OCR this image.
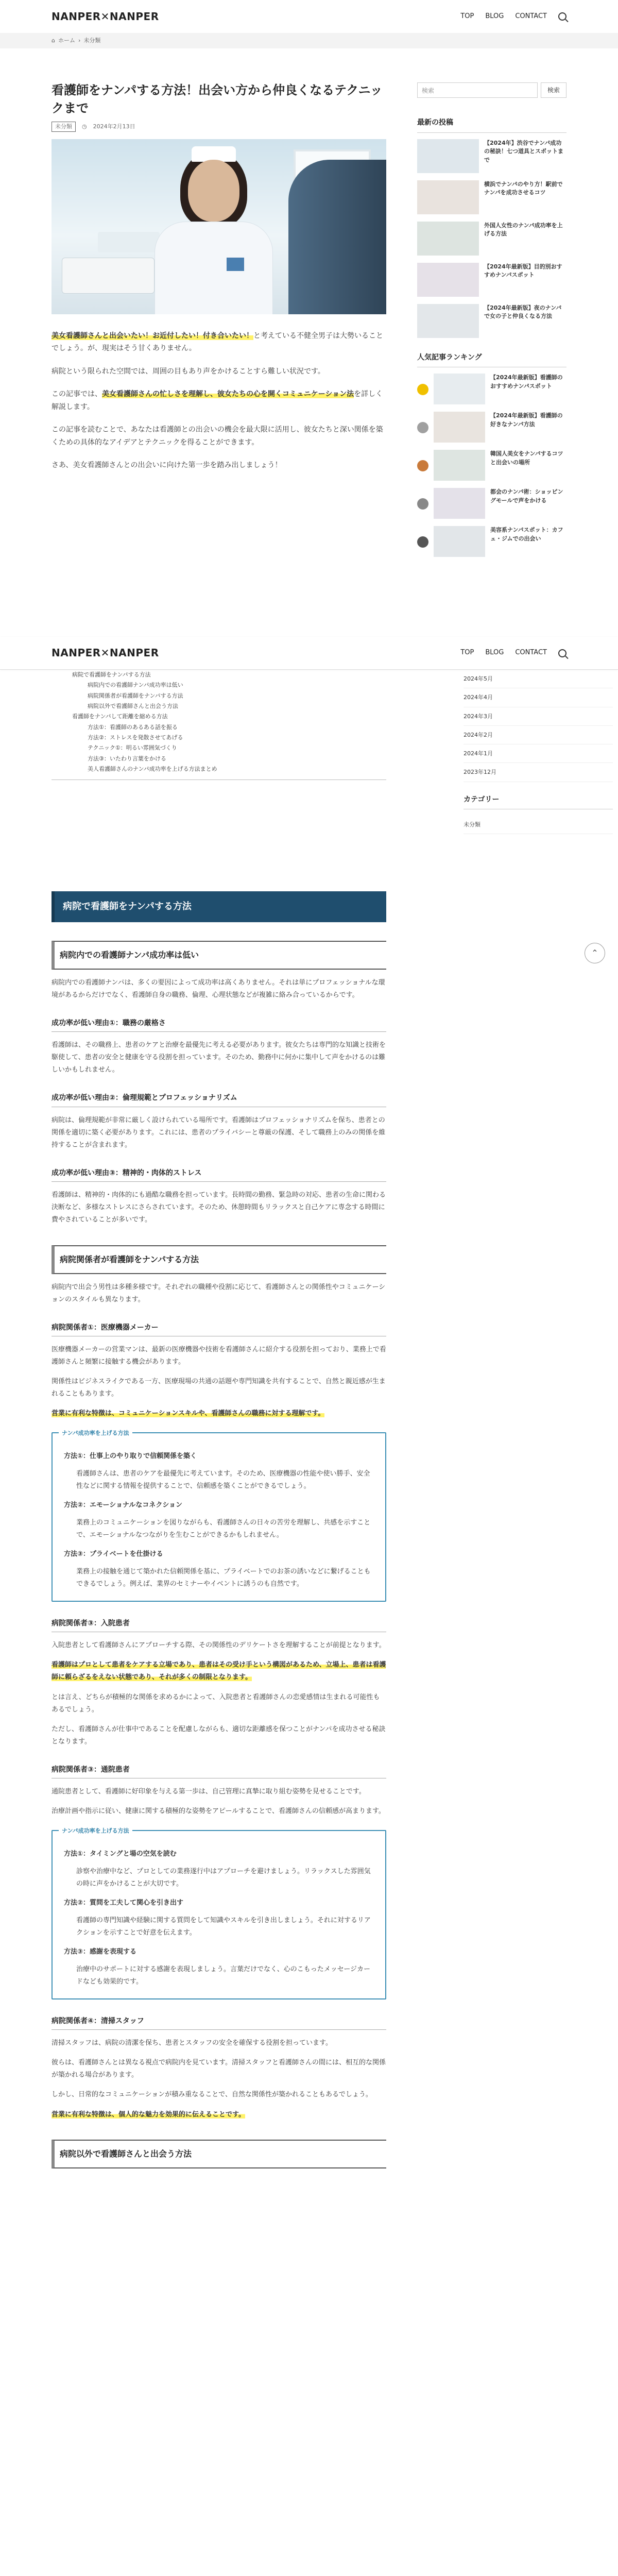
NANPER✕NANPER	TOP BLOG CONTACT
⌂ ホーム › 未分類
看護師をナンパする方法！出会い方から仲良くなるテクニックまで
未分類	◷ 2024年2月13日

美女看護師さんと出会いたい！お近付したい！付き合いたい！と考えている不健全男子は大勢いることでしょう。が、現実はそう甘くありません。

病院という限られた空間では、周囲の目もあり声をかけることすら難しい状況です。

この記事では、美女看護師さんの忙しさを理解し、彼女たちの心を開くコミュニケーション法を詳しく解説します。

この記事を読むことで、あなたは看護師との出会いの機会を最大限に活用し、彼女たちと深い関係を築くための具体的なアイデアとテクニックを得ることができます。

さあ、美女看護師さんとの出会いに向けた第一歩を踏み出しましょう！

検索	検索
最新の投稿
【2024年】渋谷でナンパ成功の秘訣！七つ道具とスポットまで
横浜でナンパのやり方！駅前でナンパを成功させるコツ
外国人女性のナンパ成功率を上げる方法
【2024年最新版】目的別おすすめナンパスポット
【2024年最新版】夜のナンパで女の子と仲良くなる方法
人気記事ランキング
【2024年最新版】看護師のおすすめナンパスポット
【2024年最新版】看護師の好きなナンパ方法
韓国人美女をナンパするコツと出会いの場所
都会のナンパ術：ショッピングモールで声をかける
美容系ナンパスポット：カフェ・ジムでの出会い
NANPER✕NANPER	TOP BLOG CONTACT
病院で看護師をナンパする方法
病院内での看護師ナンパ成功率は低い
病院関係者が看護師をナンパする方法
病院以外で看護師さんと出会う方法
看護師をナンパして距離を縮める方法
方法①：看護師のあるある話を振る
方法②：ストレスを発散させてあげる
テクニック①：明るい雰囲気づくり
方法③：いたわり言葉をかける
美人看護師さんのナンパ成功率を上げる方法まとめ
2024年5月
2024年4月
2024年3月
2024年2月
2024年1月
2023年12月
カテゴリー
未分類
⌃
病院で看護師をナンパする方法
病院内での看護師ナンパ成功率は低い

病院内での看護師ナンパは、多くの要因によって成功率は高くありません。それは単にプロフェッショナルな環境があるからだけでなく、看護師自身の職務、倫理、心理状態などが複雑に絡み合っているからです。

成功率が低い理由①：職務の厳格さ

看護師は、その職務上、患者のケアと治療を最優先に考える必要があります。彼女たちは専門的な知識と技術を駆使して、患者の安全と健康を守る役割を担っています。そのため、勤務中に何かに集中して声をかけるのは難しいかもしれません。

成功率が低い理由②：倫理規範とプロフェッショナリズム

病院は、倫理規範が非常に厳しく設けられている場所です。看護師はプロフェッショナリズムを保ち、患者との関係を適切に築く必要があります。これには、患者のプライバシーと尊厳の保護、そして職務上のみの関係を維持することが含まれます。

成功率が低い理由③：精神的・肉体的ストレス

看護師は、精神的・肉体的にも過酷な職務を担っています。長時間の勤務、緊急時の対応、患者の生命に関わる決断など、多様なストレスにさらされています。そのため、休憩時間もリラックスと自己ケアに専念する時間に費やされていることが多いです。

病院関係者が看護師をナンパする方法

病院内で出会う男性は多種多様です。それぞれの職種や役割に応じて、看護師さんとの関係性やコミュニケーションのスタイルも異なります。

病院関係者①：医療機器メーカー

医療機器メーカーの営業マンは、最新の医療機器や技術を看護師さんに紹介する役割を担っており、業務上で看護師さんと頻繁に接触する機会があります。

関係性はビジネスライクである一方、医療現場の共通の話題や専門知識を共有することで、自然と親近感が生まれることもあります。

営業に有利な特徴は、コミュニケーションスキルや、看護師さんの職務に対する理解です。

ナンパ成功率を上げる方法
方法①：仕事上のやり取りで信頼関係を築く

看護師さんは、患者のケアを最優先に考えています。そのため、医療機器の性能や使い勝手、安全性などに関する情報を提供することで、信頼感を築くことができるでしょう。

方法②：エモーショナルなコネクション

業務上のコミュニケーションを図りながらも、看護師さんの日々の苦労を理解し、共感を示すことで、エモーショナルなつながりを生むことができるかもしれません。

方法③：プライベートを仕掛ける

業務上の接触を通じて築かれた信頼関係を基に、プライベートでのお茶の誘いなどに繋げることもできるでしょう。例えば、業界のセミナーやイベントに誘うのも自然です。

病院関係者③：入院患者

入院患者として看護師さんにアプローチする際、その関係性のデリケートさを理解することが前提となります。

看護師はプロとして患者をケアする立場であり、患者はその受け手という構図があるため、立場上、患者は看護師に頼らざるをえない状態であり、それが多くの制限となります。

とは言え、どちらが積極的な関係を求めるかによって、入院患者と看護師さんの恋愛感情は生まれる可能性もあるでしょう。

ただし、看護師さんが仕事中であることを配慮しながらも、適切な距離感を保つことがナンパを成功させる秘訣となります。

病院関係者③：通院患者

通院患者として、看護師に好印象を与える第一歩は、自己管理に真摯に取り組む姿勢を見せることです。

治療計画や指示に従い、健康に関する積極的な姿勢をアピールすることで、看護師さんの信頼感が高まります。

ナンパ成功率を上げる方法
方法①：タイミングと場の空気を読む

診察や治療中など、プロとしての業務遂行中はアプローチを避けましょう。リラックスした雰囲気の時に声をかけることが大切です。

方法②：質問を工夫して関心を引き出す

看護師の専門知識や経験に関する質問をして知識やスキルを引き出しましょう。それに対するリアクションを示すことで好意を伝えます。

方法③：感謝を表現する

治療中のサポートに対する感謝を表現しましょう。言葉だけでなく、心のこもったメッセージカードなども効果的です。

病院関係者④：清掃スタッフ

清掃スタッフは、病院の清潔を保ち、患者とスタッフの安全を確保する役割を担っています。

彼らは、看護師さんとは異なる視点で病院内を見ています。清掃スタッフと看護師さんの間には、相互的な関係が築かれる場合があります。

しかし、日常的なコミュニケーションが積み重なることで、自然な関係性が築かれることもあるでしょう。

営業に有利な特徴は、個人的な魅力を効果的に伝えることです。

病院以外で看護師さんと出会う方法
